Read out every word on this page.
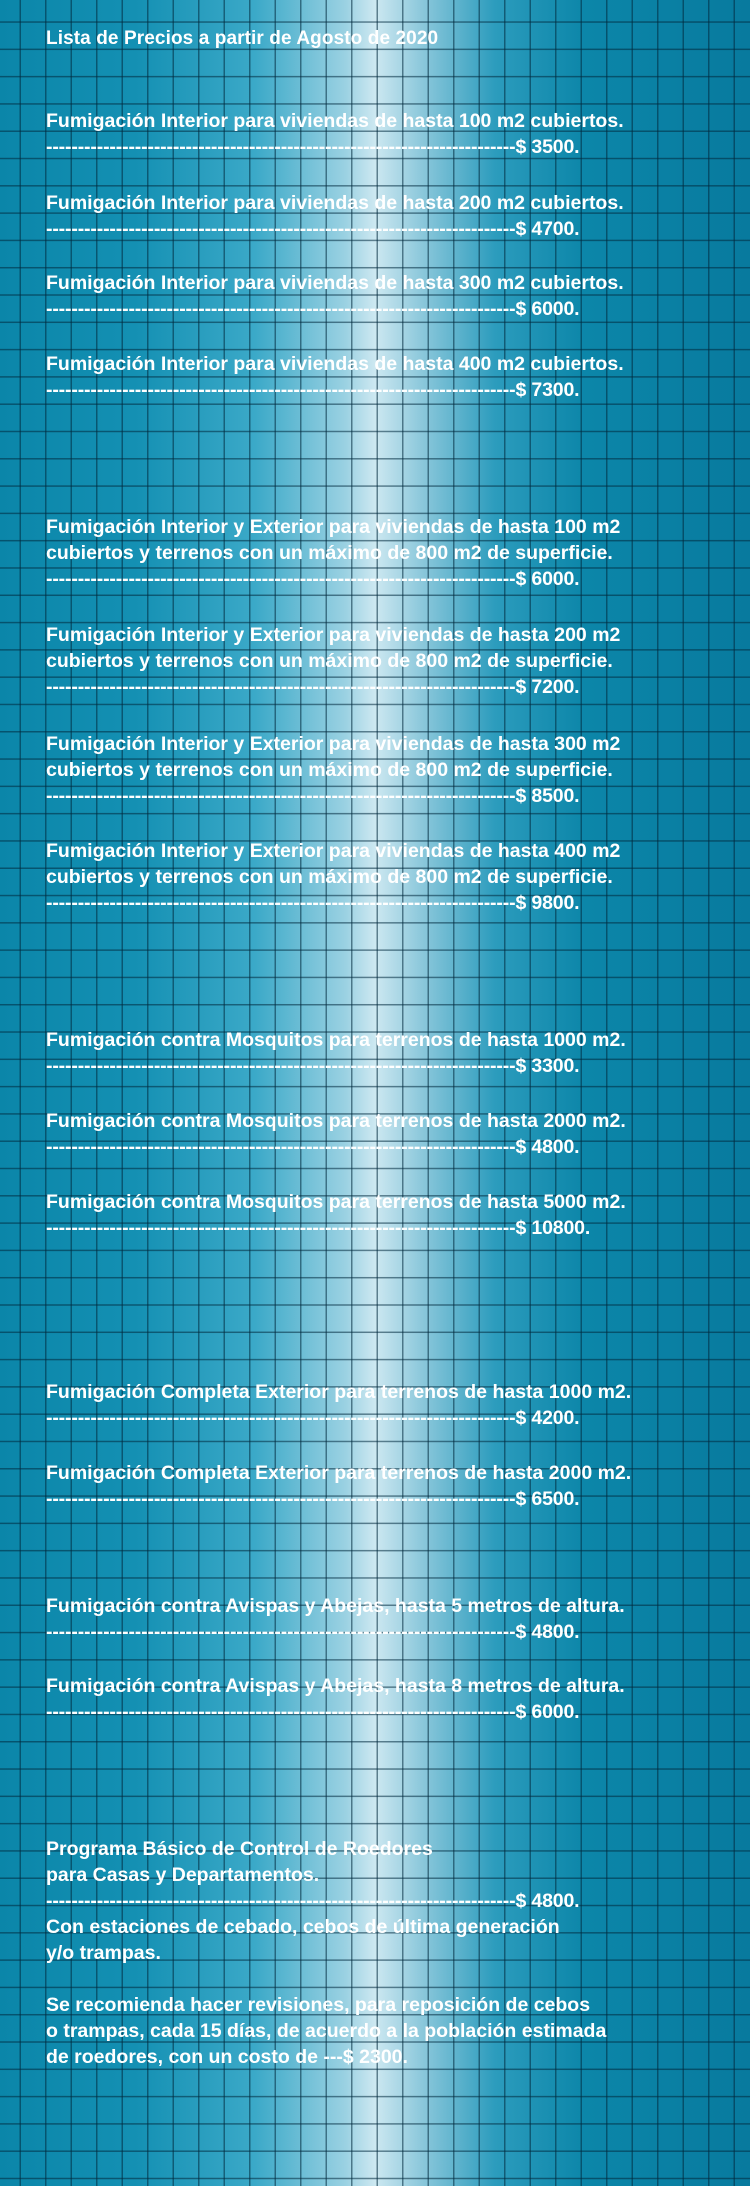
Lista de Precios a partir de Agosto de 2020
Fumigación Interior para viviendas de hasta 100 m2 cubiertos.
--------------------------------------------------------------------------$ 3500.
Fumigación Interior para viviendas de hasta 200 m2 cubiertos.
--------------------------------------------------------------------------$ 4700.
Fumigación Interior para viviendas de hasta 300 m2 cubiertos.
--------------------------------------------------------------------------$ 6000.
Fumigación Interior para viviendas de hasta 400 m2 cubiertos.
--------------------------------------------------------------------------$ 7300.
Fumigación Interior y Exterior para viviendas de hasta 100 m2
cubiertos y terrenos con un máximo de 800 m2 de superficie.
--------------------------------------------------------------------------$ 6000.
Fumigación Interior y Exterior para viviendas de hasta 200 m2
cubiertos y terrenos con un máximo de 800 m2 de superficie.
--------------------------------------------------------------------------$ 7200.
Fumigación Interior y Exterior para viviendas de hasta 300 m2
cubiertos y terrenos con un máximo de 800 m2 de superficie.
--------------------------------------------------------------------------$ 8500.
Fumigación Interior y Exterior para viviendas de hasta 400 m2
cubiertos y terrenos con un máximo de 800 m2 de superficie.
--------------------------------------------------------------------------$ 9800.
Fumigación contra Mosquitos para terrenos de hasta 1000 m2.
--------------------------------------------------------------------------$ 3300.
Fumigación contra Mosquitos para terrenos de hasta 2000 m2.
--------------------------------------------------------------------------$ 4800.
Fumigación contra Mosquitos para terrenos de hasta 5000 m2.
--------------------------------------------------------------------------$ 10800.
Fumigación Completa Exterior para terrenos de hasta 1000 m2.
--------------------------------------------------------------------------$ 4200.
Fumigación Completa Exterior para terrenos de hasta 2000 m2.
--------------------------------------------------------------------------$ 6500.
Fumigación contra Avispas y Abejas, hasta 5 metros de altura.
--------------------------------------------------------------------------$ 4800.
Fumigación contra Avispas y Abejas, hasta 8 metros de altura.
--------------------------------------------------------------------------$ 6000.
Programa Básico de Control de Roedores
para Casas y Departamentos.
--------------------------------------------------------------------------$ 4800.
Con estaciones de cebado, cebos de última generación
y/o trampas.
Se recomienda hacer revisiones, para reposición de cebos
o trampas, cada 15 días, de acuerdo a la población estimada
de roedores, con un costo de ---$ 2300.
